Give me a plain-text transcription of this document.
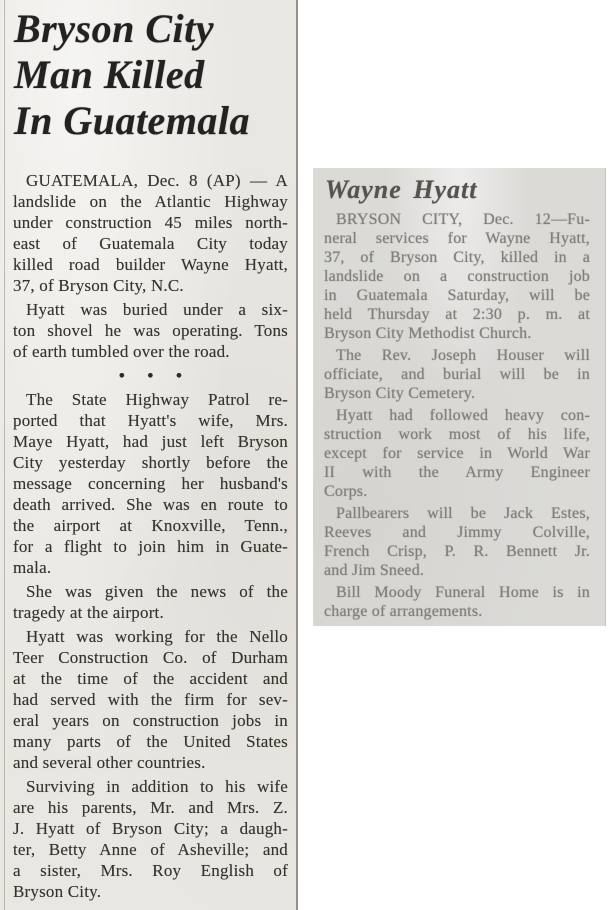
Bryson City
Man Killed
In Guatemala
GUATEMALA, Dec. 8 (AP) — A
landslide on the Atlantic Highway
under construction 45 miles north-
east of Guatemala City today
killed road builder Wayne Hyatt,
37, of Bryson City, N.C.
Hyatt was buried under a six-
ton shovel he was operating. Tons
of earth tumbled over the road.
• • •
The State Highway Patrol re-
ported that Hyatt's wife, Mrs.
Maye Hyatt, had just left Bryson
City yesterday shortly before the
message concerning her husband's
death arrived. She was en route to
the airport at Knoxville, Tenn.,
for a flight to join him in Guate-
mala.
She was given the news of the
tragedy at the airport.
Hyatt was working for the Nello
Teer Construction Co. of Durham
at the time of the accident and
had served with the firm for sev-
eral years on construction jobs in
many parts of the United States
and several other countries.
Surviving in addition to his wife
are his parents, Mr. and Mrs. Z.
J. Hyatt of Bryson City; a daugh-
ter, Betty Anne of Asheville; and
a sister, Mrs. Roy English of
Bryson City.
Wayne Hyatt
BRYSON CITY, Dec. 12—Fu-
neral services for Wayne Hyatt,
37, of Bryson City, killed in a
landslide on a construction job
in Guatemala Saturday, will be
held Thursday at 2:30 p. m. at
Bryson City Methodist Church.
The Rev. Joseph Houser will
officiate, and burial will be in
Bryson City Cemetery.
Hyatt had followed heavy con-
struction work most of his life,
except for service in World War
II with the Army Engineer
Corps.
Pallbearers will be Jack Estes,
Reeves and Jimmy Colville,
French Crisp, P. R. Bennett Jr.
and Jim Sneed.
Bill Moody Funeral Home is in
charge of arrangements.
